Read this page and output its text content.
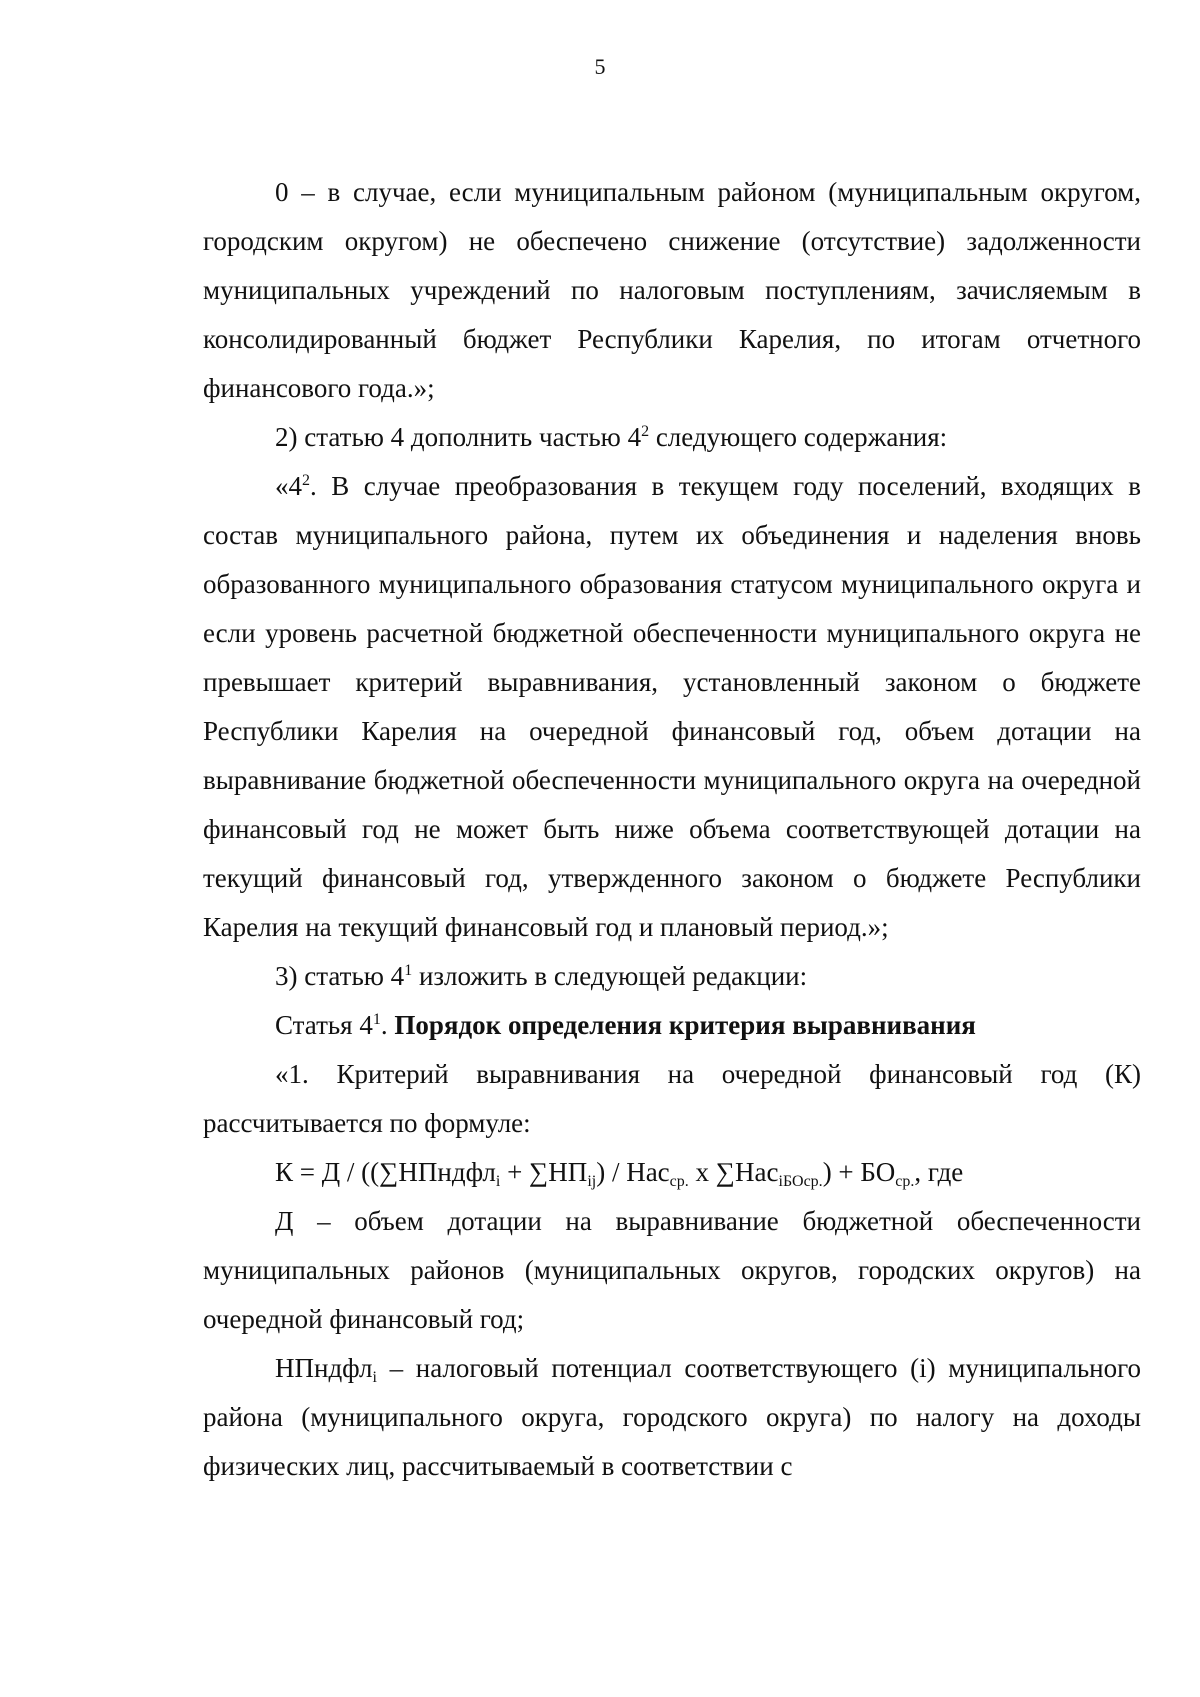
5

0 – в случае, если муниципальным районом (муниципальным округом, городским округом) не обеспечено снижение (отсутствие) задолженности муниципальных учреждений по налоговым поступлениям, зачисляемым в консолидированный бюджет Республики Карелия, по итогам отчетного финансового года.»;

2) статью 4 дополнить частью $4^2$ следующего содержания:

«$4^2$. В случае преобразования в текущем году поселений, входящих в состав муниципального района, путем их объединения и наделения вновь образованного муниципального образования статусом муниципального округа и если уровень расчетной бюджетной обеспеченности муниципального округа не превышает критерий выравнивания, установленный законом о бюджете Республики Карелия на очередной финансовый год, объем дотации на выравнивание бюджетной обеспеченности муниципального округа на очередной финансовый год не может быть ниже объема соответствующей дотации на текущий финансовый год, утвержденного законом о бюджете Республики Карелия на текущий финансовый год и плановый период.»;

3) статью $4^1$ изложить в следующей редакции:

Статья $4^1$. Порядок определения критерия выравнивания

«1. Критерий выравнивания на очередной финансовый год (К) рассчитывается по формуле:

К = Д / ((∑НПндфл$_i$ + $\sum НП_{ij}) / Нас_{ср.}$ х $\sum Нас_{iБОср.}) + БО_{ср.}$, где

Д – объем дотации на выравнивание бюджетной обеспеченности муниципальных районов (муниципальных округов, городских округов) на очередной финансовый год;

НПндфл$_i$ – налоговый потенциал соответствующего (i) муниципального района (муниципального округа, городского округа) по налогу на доходы физических лиц, рассчитываемый в соответствии с
